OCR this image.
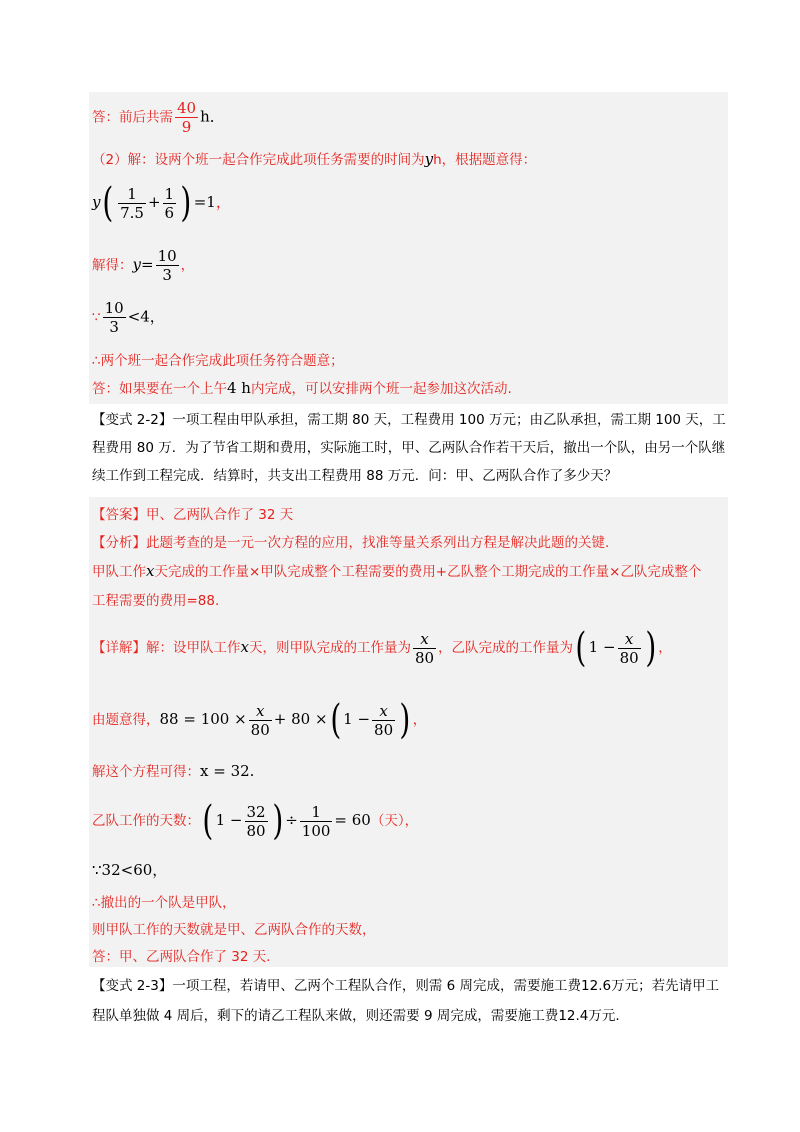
答：前后共需 $\frac{40}{9}$ h．
（2）解：设两个班一起合作完成此项任务需要的时间为yh，根据题意得：
$y( \frac{1}{7.5} + \frac{1}{6}$ ) =1，
解得：$y= \frac{10}{3}$ ，
∵ $\frac{10}{3} <4$，
∴两个班一起合作完成此项任务符合题意；
答：如果要在一个上午4 h内完成，可以安排两个班一起参加这次活动.
【变式 2-2】一项工程由甲队承担，需工期 80 天，工程费用 100 万元；由乙队承担，需工期 100 天，工程费用 80 万．为了节省工期和费用，实际施工时，甲、乙两队合作若干天后，撤出一个队，由另一个队继续工作到工程完成．结算时，共支出工程费用 88 万元．问：甲、乙两队合作了多少天？
【答案】甲、乙两队合作了 32 天
【分析】此题考查的是一元一次方程的应用，找准等量关系列出方程是解决此题的关键.
甲队工作x天完成的工作量×甲队完成整个工程需要的费用+乙队整个工期完成的工作量×乙队完成整个
工程需要的费用=88.
【详解】解：设甲队工作x天，则甲队完成的工作量为 $\frac{x}{80}$ ，乙队完成的工作量为( $1 - \frac{x}{80}$ ) ，
由题意得，$88 = 100 \times \frac{x}{80} + 80$ ×( $1 - \frac{x}{80}$ ) ，
解这个方程可得：x = 32.
乙队工作的天数：( $1 - \frac{32}{80}$ ) ÷ $\frac{1}{100} = 60$（天），
∵32<60，
∴撤出的一个队是甲队，
则甲队工作的天数就是甲、乙两队合作的天数，
答：甲、乙两队合作了 32 天．
【变式 2-3】一项工程，若请甲、乙两个工程队合作，则需 6 周完成，需要施工费12.6万元；若先请甲工程队单独做 4 周后，剩下的请乙工程队来做，则还需要 9 周完成，需要施工费12.4万元.
